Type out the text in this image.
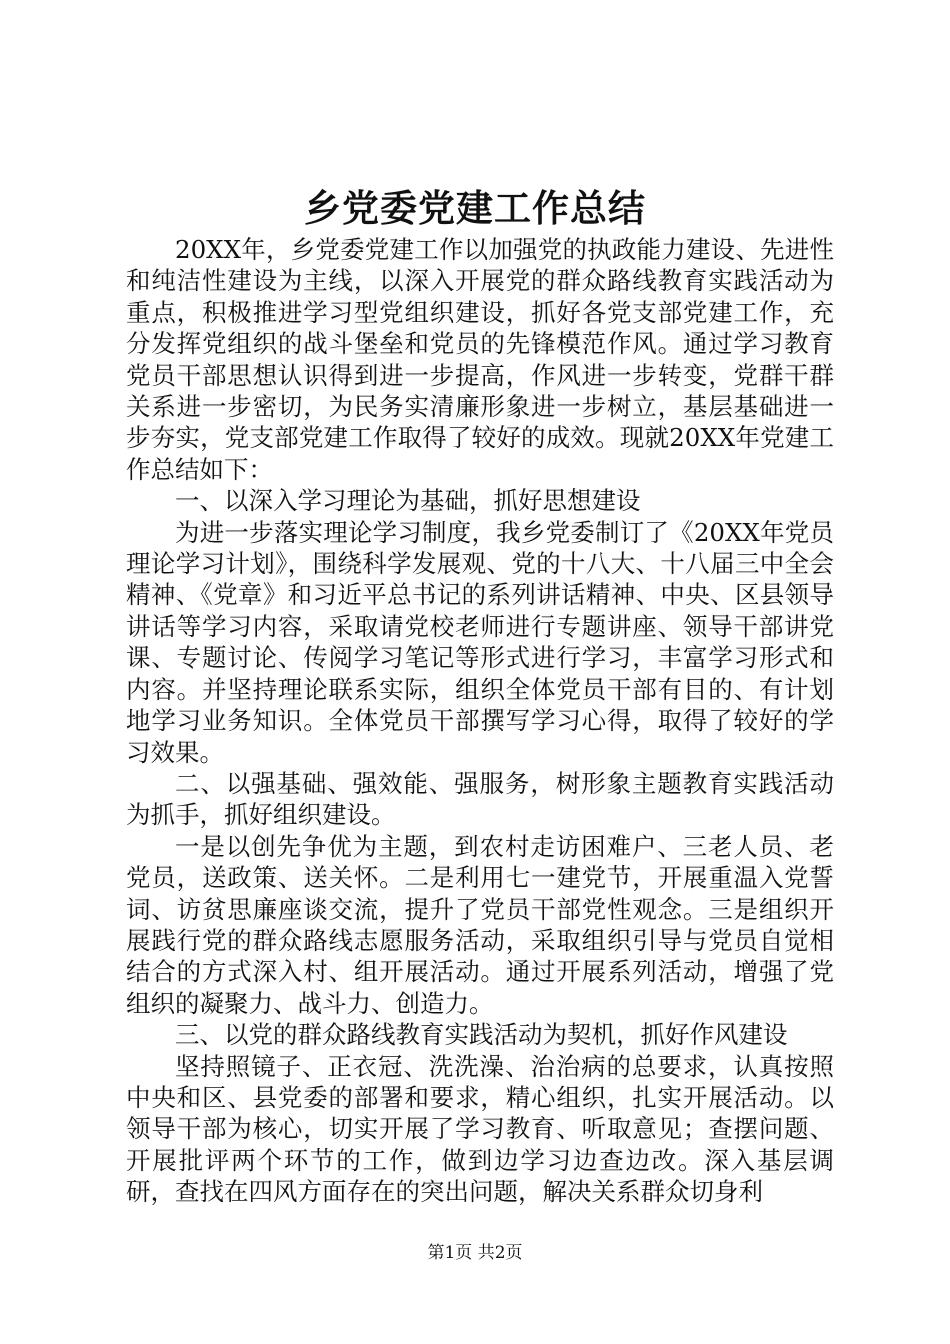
乡党委党建工作总结

20XX年，乡党委党建工作以加强党的执政能力建设、先进性和纯洁性建设为主线，以深入开展党的群众路线教育实践活动为重点，积极推进学习型党组织建设，抓好各党支部党建工作，充分发挥党组织的战斗堡垒和党员的先锋模范作风。通过学习教育党员干部思想认识得到进一步提高，作风进一步转变，党群干群关系进一步密切，为民务实清廉形象进一步树立，基层基础进一步夯实，党支部党建工作取得了较好的成效。现就20XX年党建工作总结如下：

一、以深入学习理论为基础，抓好思想建设

为进一步落实理论学习制度，我乡党委制订了《20XX年党员理论学习计划》，围绕科学发展观、党的十八大、十八届三中全会精神、《党章》和习近平总书记的系列讲话精神、中央、区县领导讲话等学习内容，采取请党校老师进行专题讲座、领导干部讲党课、专题讨论、传阅学习笔记等形式进行学习，丰富学习形式和内容。并坚持理论联系实际，组织全体党员干部有目的、有计划地学习业务知识。全体党员干部撰写学习心得，取得了较好的学习效果。

二、以强基础、强效能、强服务，树形象主题教育实践活动为抓手，抓好组织建设。

一是以创先争优为主题，到农村走访困难户、三老人员、老党员，送政策、送关怀。二是利用七一建党节，开展重温入党誓词、访贫思廉座谈交流，提升了党员干部党性观念。三是组织开展践行党的群众路线志愿服务活动，采取组织引导与党员自觉相结合的方式深入村、组开展活动。通过开展系列活动，增强了党组织的凝聚力、战斗力、创造力。

三、以党的群众路线教育实践活动为契机，抓好作风建设

坚持照镜子、正衣冠、洗洗澡、治治病的总要求，认真按照中央和区、县党委的部署和要求，精心组织，扎实开展活动。以领导干部为核心，切实开展了学习教育、听取意见；查摆问题、开展批评两个环节的工作，做到边学习边查边改。深入基层调研，查找在四风方面存在的突出问题，解决关系群众切身利

第1页 共2页
